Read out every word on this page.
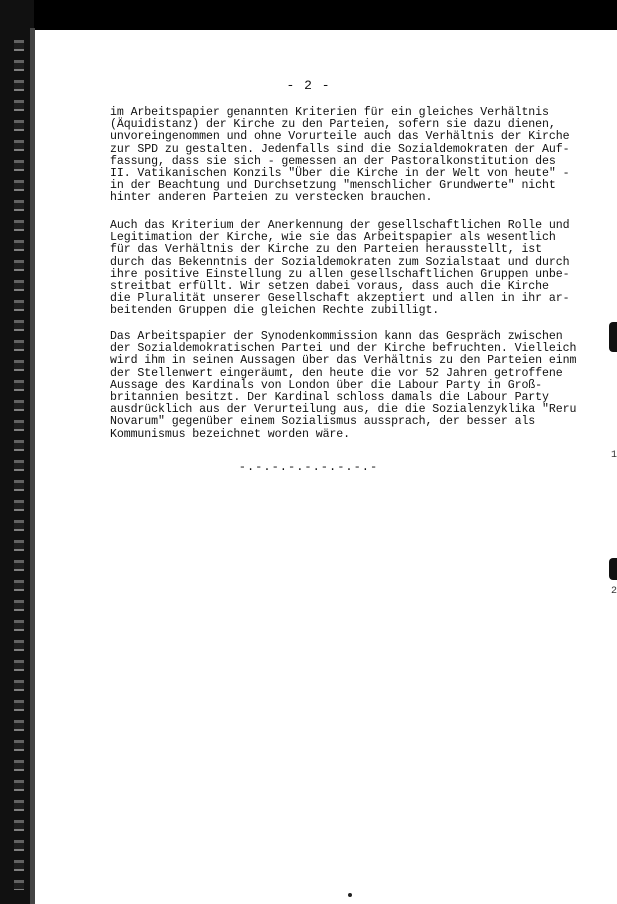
- 2 -

im Arbeitspapier genannten Kriterien für ein gleiches Verhältnis
(Äquidistanz) der Kirche zu den Parteien, sofern sie dazu dienen,
unvoreingenommen und ohne Vorurteile auch das Verhältnis der Kirche
zur SPD zu gestalten. Jedenfalls sind die Sozialdemokraten der Auf-
fassung, dass sie sich - gemessen an der Pastoralkonstitution des
II. Vatikanischen Konzils "Über die Kirche in der Welt von heute" -
in der Beachtung und Durchsetzung "menschlicher Grundwerte" nicht
hinter anderen Parteien zu verstecken brauchen.

Auch das Kriterium der Anerkennung der gesellschaftlichen Rolle und
Legitimation der Kirche, wie sie das Arbeitspapier als wesentlich
für das Verhältnis der Kirche zu den Parteien herausstellt, ist
durch das Bekenntnis der Sozialdemokraten zum Sozialstaat und durch
ihre positive Einstellung zu allen gesellschaftlichen Gruppen unbe-
streitbat erfüllt. Wir setzen dabei voraus, dass auch die Kirche
die Pluralität unserer Gesellschaft akzeptiert und allen in ihr ar-
beitenden Gruppen die gleichen Rechte zubilligt.

Das Arbeitspapier der Synodenkommission kann das Gespräch zwischen
der Sozialdemokratischen Partei und der Kirche befruchten. Vielleich
wird ihm in seinen Aussagen über das Verhältnis zu den Parteien einm
der Stellenwert eingeräumt, den heute die vor 52 Jahren getroffene
Aussage des Kardinals von London über die Labour Party in Groß-
britannien besitzt. Der Kardinal schloss damals die Labour Party
ausdrücklich aus der Verurteilung aus, die die Sozialenzyklika "Reru
Novarum" gegenüber einem Sozialismus aussprach, der besser als
Kommunismus bezeichnet worden wäre.

-.-.-.-.-.-.-.-.-
1
2
